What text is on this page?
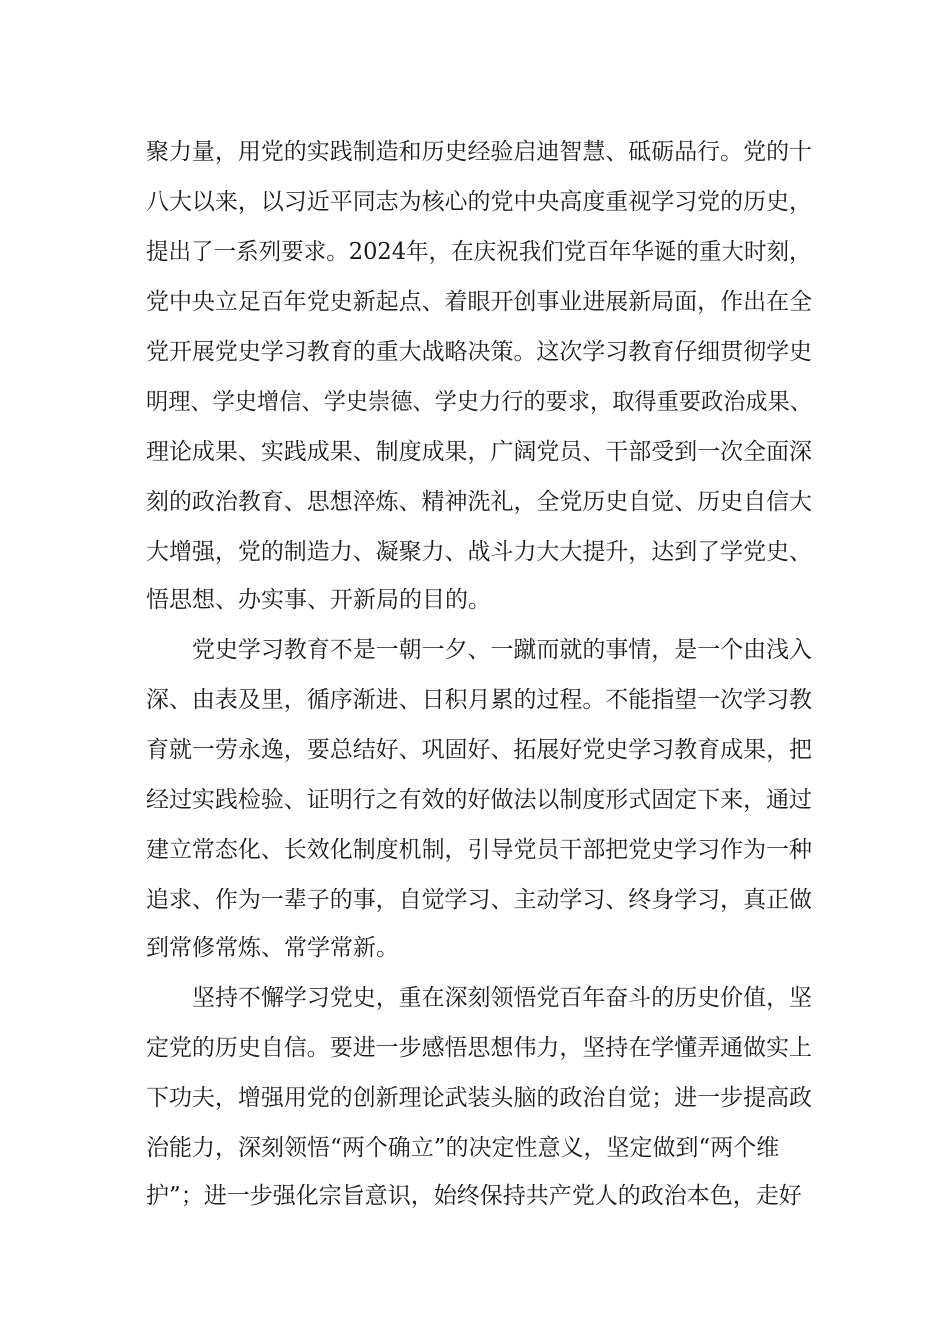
聚力量，用党的实践制造和历史经验启迪智慧、砥砺品行。党的十
八大以来，以习近平同志为核心的党中央高度重视学习党的历史，
提出了一系列要求。2024年，在庆祝我们党百年华诞的重大时刻，
党中央立足百年党史新起点、着眼开创事业进展新局面，作出在全
党开展党史学习教育的重大战略决策。这次学习教育仔细贯彻学史
明理、学史增信、学史崇德、学史力行的要求，取得重要政治成果、
理论成果、实践成果、制度成果，广阔党员、干部受到一次全面深
刻的政治教育、思想淬炼、精神洗礼，全党历史自觉、历史自信大
大增强，党的制造力、凝聚力、战斗力大大提升，达到了学党史、
悟思想、办实事、开新局的目的。
党史学习教育不是一朝一夕、一蹴而就的事情，是一个由浅入
深、由表及里，循序渐进、日积月累的过程。不能指望一次学习教
育就一劳永逸，要总结好、巩固好、拓展好党史学习教育成果，把
经过实践检验、证明行之有效的好做法以制度形式固定下来，通过
建立常态化、长效化制度机制，引导党员干部把党史学习作为一种
追求、作为一辈子的事，自觉学习、主动学习、终身学习，真正做
到常修常炼、常学常新。
坚持不懈学习党史，重在深刻领悟党百年奋斗的历史价值，坚
定党的历史自信。要进一步感悟思想伟力，坚持在学懂弄通做实上
下功夫，增强用党的创新理论武装头脑的政治自觉；进一步提高政
治能力，深刻领悟“两个确立”的决定性意义，坚定做到“两个维
护”；进一步强化宗旨意识，始终保持共产党人的政治本色，走好
